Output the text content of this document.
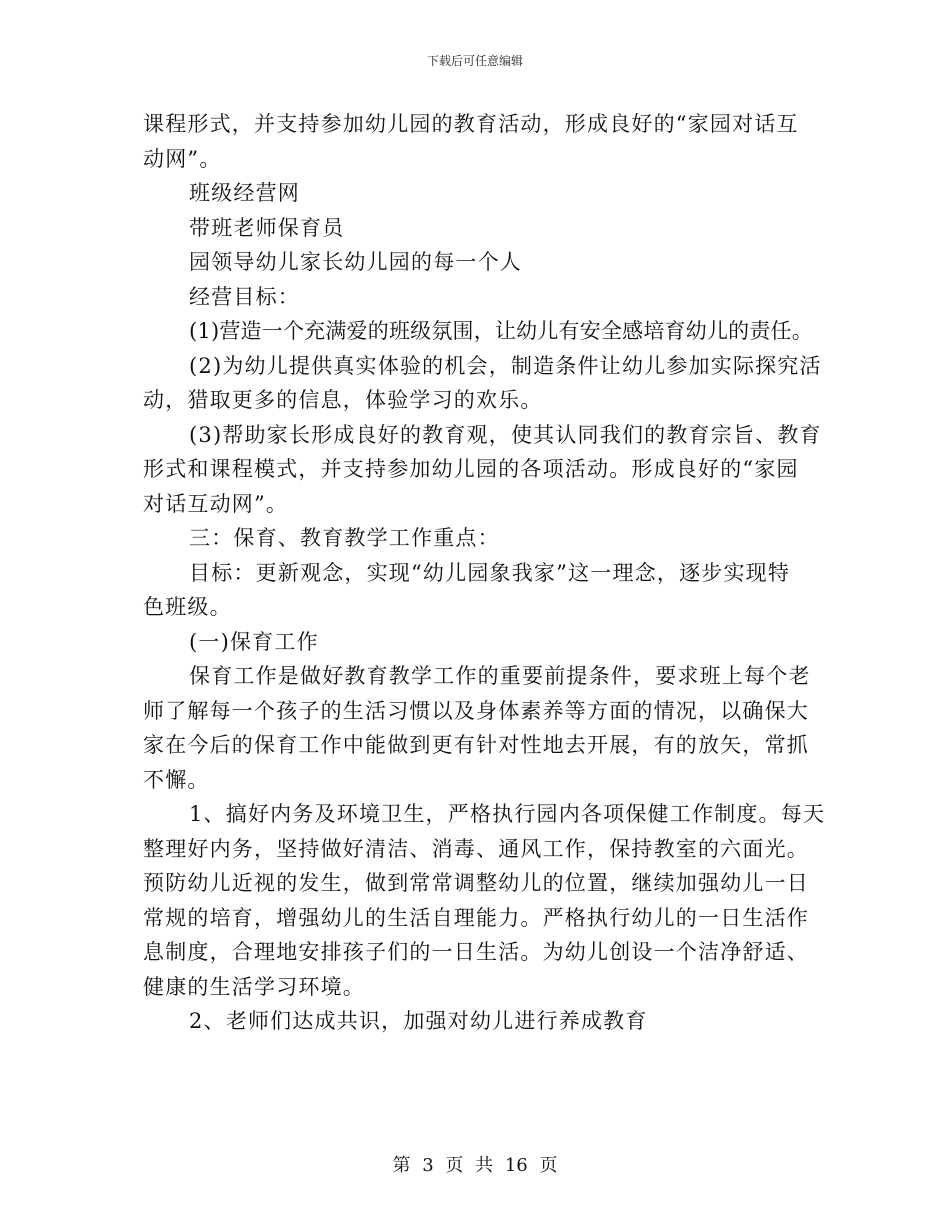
下载后可任意编辑

课程形式，并支持参加幼儿园的教育活动，形成良好的“家园对话互

动网”。

班级经营网

带班老师保育员

园领导幼儿家长幼儿园的每一个人

经营目标：

(1)营造一个充满爱的班级氛围，让幼儿有安全感培育幼儿的责任。

(2)为幼儿提供真实体验的机会，制造条件让幼儿参加实际探究活

动，猎取更多的信息，体验学习的欢乐。

(3)帮助家长形成良好的教育观，使其认同我们的教育宗旨、教育

形式和课程模式，并支持参加幼儿园的各项活动。形成良好的“家园

对话互动网”。

三：保育、教育教学工作重点：

目标：更新观念，实现“幼儿园象我家”这一理念，逐步实现特

色班级。

(一)保育工作

保育工作是做好教育教学工作的重要前提条件，要求班上每个老

师了解每一个孩子的生活习惯以及身体素养等方面的情况，以确保大

家在今后的保育工作中能做到更有针对性地去开展，有的放矢，常抓

不懈。

1、搞好内务及环境卫生，严格执行园内各项保健工作制度。每天

整理好内务，坚持做好清洁、消毒、通风工作，保持教室的六面光。

预防幼儿近视的发生，做到常常调整幼儿的位置，继续加强幼儿一日

常规的培育，增强幼儿的生活自理能力。严格执行幼儿的一日生活作

息制度，合理地安排孩子们的一日生活。为幼儿创设一个洁净舒适、

健康的生活学习环境。

2、老师们达成共识，加强对幼儿进行养成教育

第 3 页 共 16 页
